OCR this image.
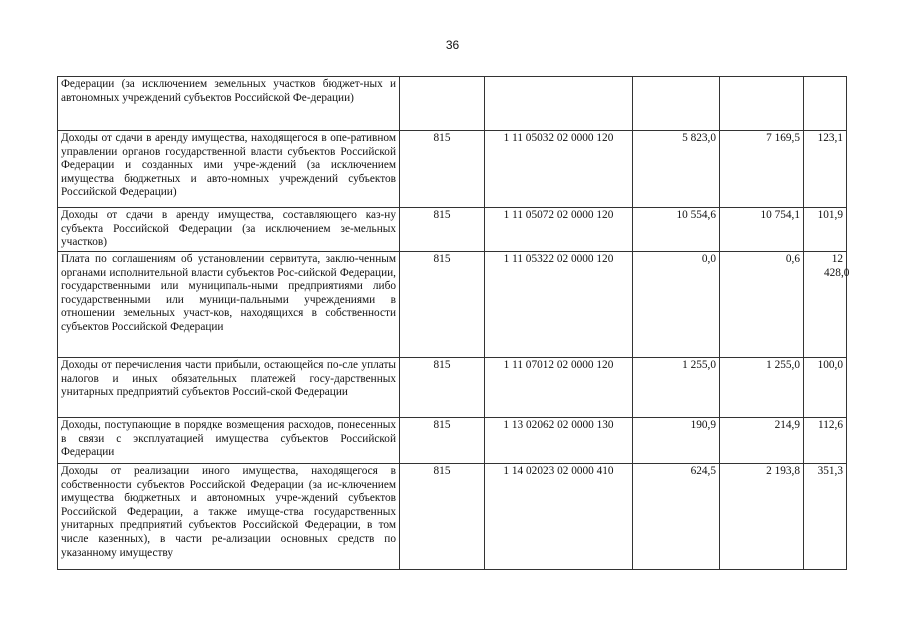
36
Федерации (за исключением земельных участков бюджет-ных и автономных учреждений субъектов Российской Фе-дерации)					
Доходы от сдачи в аренду имущества, находящегося в опе-ративном управлении органов государственной власти субъектов Российской Федерации и созданных ими учре-ждений (за исключением имущества бюджетных и авто-номных учреждений субъектов Российской Федерации)	815	1 11 05032 02 0000 120	5 823,0	7 169,5	123,1
Доходы от сдачи в аренду имущества, составляющего каз-ну субъекта Российской Федерации (за исключением зе-мельных участков)	815	1 11 05072 02 0000 120	10 554,6	10 754,1	101,9
Плата по соглашениям об установлении сервитута, заклю-ченным органами исполнительной власти субъектов Рос-сийской Федерации, государственными или муниципаль-ными предприятиями либо государственными или муници-пальными учреждениями в отношении земельных участ-ков, находящихся в собственности субъектов Российской Федерации	815	1 11 05322 02 0000 120	0,0	0,6	12 428,0
Доходы от перечисления части прибыли, остающейся по-сле уплаты налогов и иных обязательных платежей госу-дарственных унитарных предприятий субъектов Россий-ской Федерации	815	1 11 07012 02 0000 120	1 255,0	1 255,0	100,0
Доходы, поступающие в порядке возмещения расходов, понесенных в связи с эксплуатацией имущества субъектов Российской Федерации	815	1 13 02062 02 0000 130	190,9	214,9	112,6
Доходы от реализации иного имущества, находящегося в собственности субъектов Российской Федерации (за ис-ключением имущества бюджетных и автономных учре-ждений субъектов Российской Федерации, а также имуще-ства государственных унитарных предприятий субъектов Российской Федерации, в том числе казенных), в части ре-ализации основных средств по указанному имуществу	815	1 14 02023 02 0000 410	624,5	2 193,8	351,3
